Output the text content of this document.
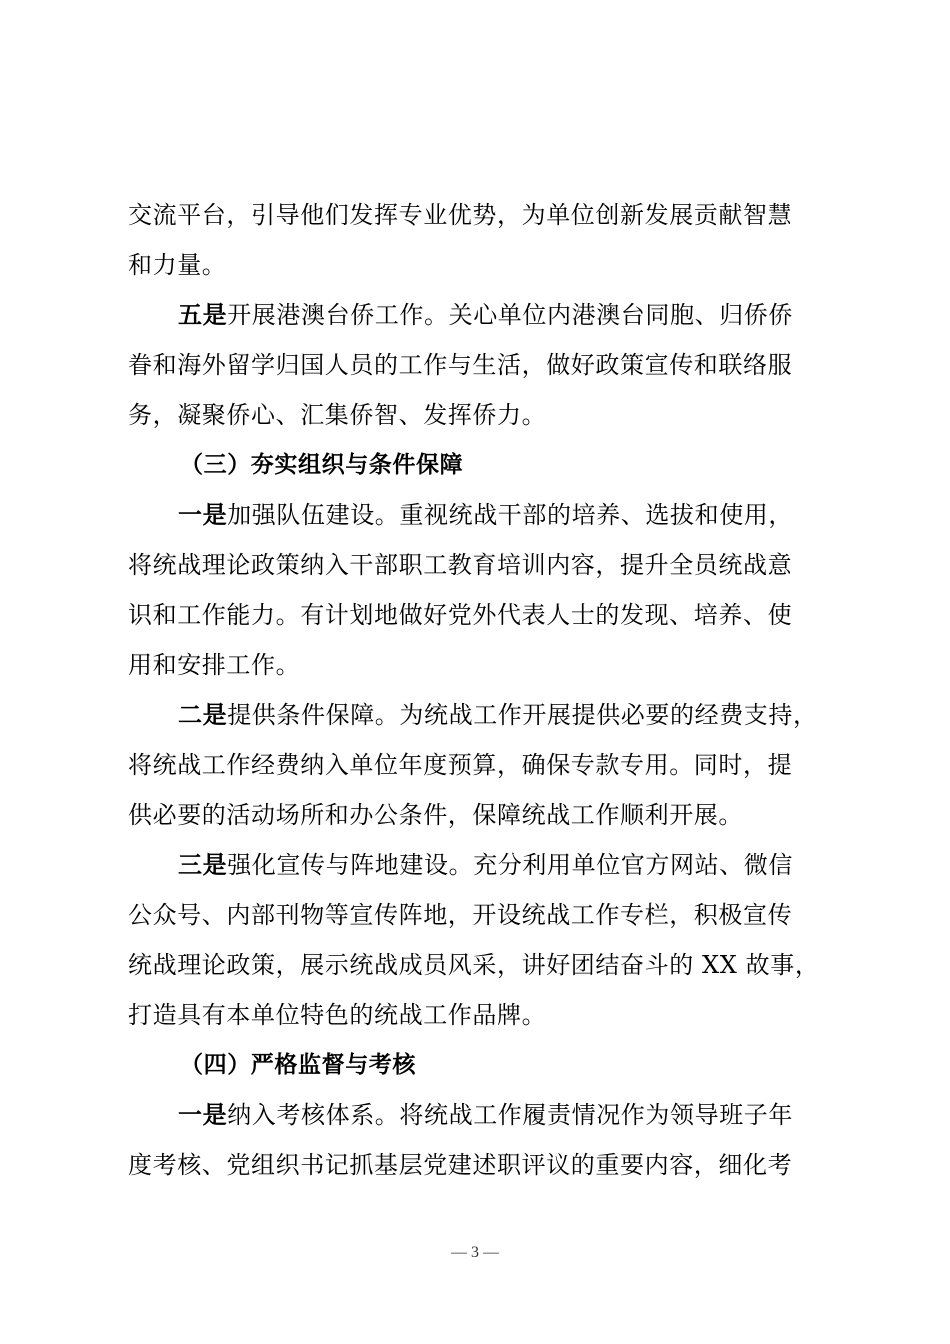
交流平台，引导他们发挥专业优势，为单位创新发展贡献智慧
和力量。
五是开展港澳台侨工作。关心单位内港澳台同胞、归侨侨
眷和海外留学归国人员的工作与生活，做好政策宣传和联络服
务，凝聚侨心、汇集侨智、发挥侨力。
（三）夯实组织与条件保障
一是加强队伍建设。重视统战干部的培养、选拔和使用，
将统战理论政策纳入干部职工教育培训内容，提升全员统战意
识和工作能力。有计划地做好党外代表人士的发现、培养、使
用和安排工作。
二是提供条件保障。为统战工作开展提供必要的经费支持，
将统战工作经费纳入单位年度预算，确保专款专用。同时，提
供必要的活动场所和办公条件，保障统战工作顺利开展。
三是强化宣传与阵地建设。充分利用单位官方网站、微信
公众号、内部刊物等宣传阵地，开设统战工作专栏，积极宣传
统战理论政策，展示统战成员风采，讲好团结奋斗的 XX 故事，
打造具有本单位特色的统战工作品牌。
（四）严格监督与考核
一是纳入考核体系。将统战工作履责情况作为领导班子年
度考核、党组织书记抓基层党建述职评议的重要内容，细化考
— 3 —
